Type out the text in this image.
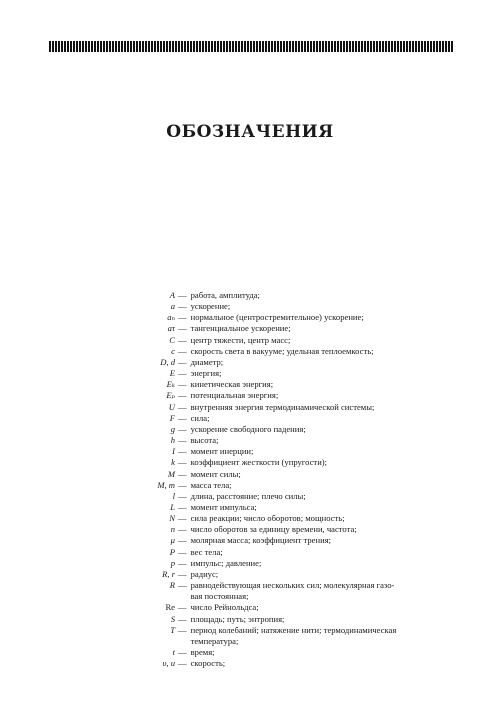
ОБОЗНАЧЕНИЯ
A — работа, амплитуда;
a — ускорение;
aₙ — нормальное (центростремительное) ускорение;
aτ — тангенциальное ускорение;
C — центр тяжести, центр масс;
c — скорость света в вакууме; удельная теплоемкость;
D, d — диаметр;
E — энергия;
Eₖ — кинетическая энергия;
Eₚ — потенциальная энергия;
U — внутренняя энергия термодинамической системы;
F — сила;
g — ускорение свободного падения;
h — высота;
I — момент инерции;
k — коэффициент жесткости (упругости);
M — момент силы;
M, m — масса тела;
l — длина, расстояние; плечо силы;
L — момент импульса;
N — сила реакции; число оборотов; мощность;
n — число оборотов за единицу времени, частота;
μ — молярная масса; коэффициент трения;
P — вес тела;
p — импульс; давление;
R, r — радиус;
R — равнодействующая нескольких сил; молекулярная газо-
вая постоянная;
Re — число Рейнольдса;
S — площадь; путь; энтропия;
T — период колебаний; натяжение нити; термодинамическая
температура;
t — время;
υ, u — скорость;
